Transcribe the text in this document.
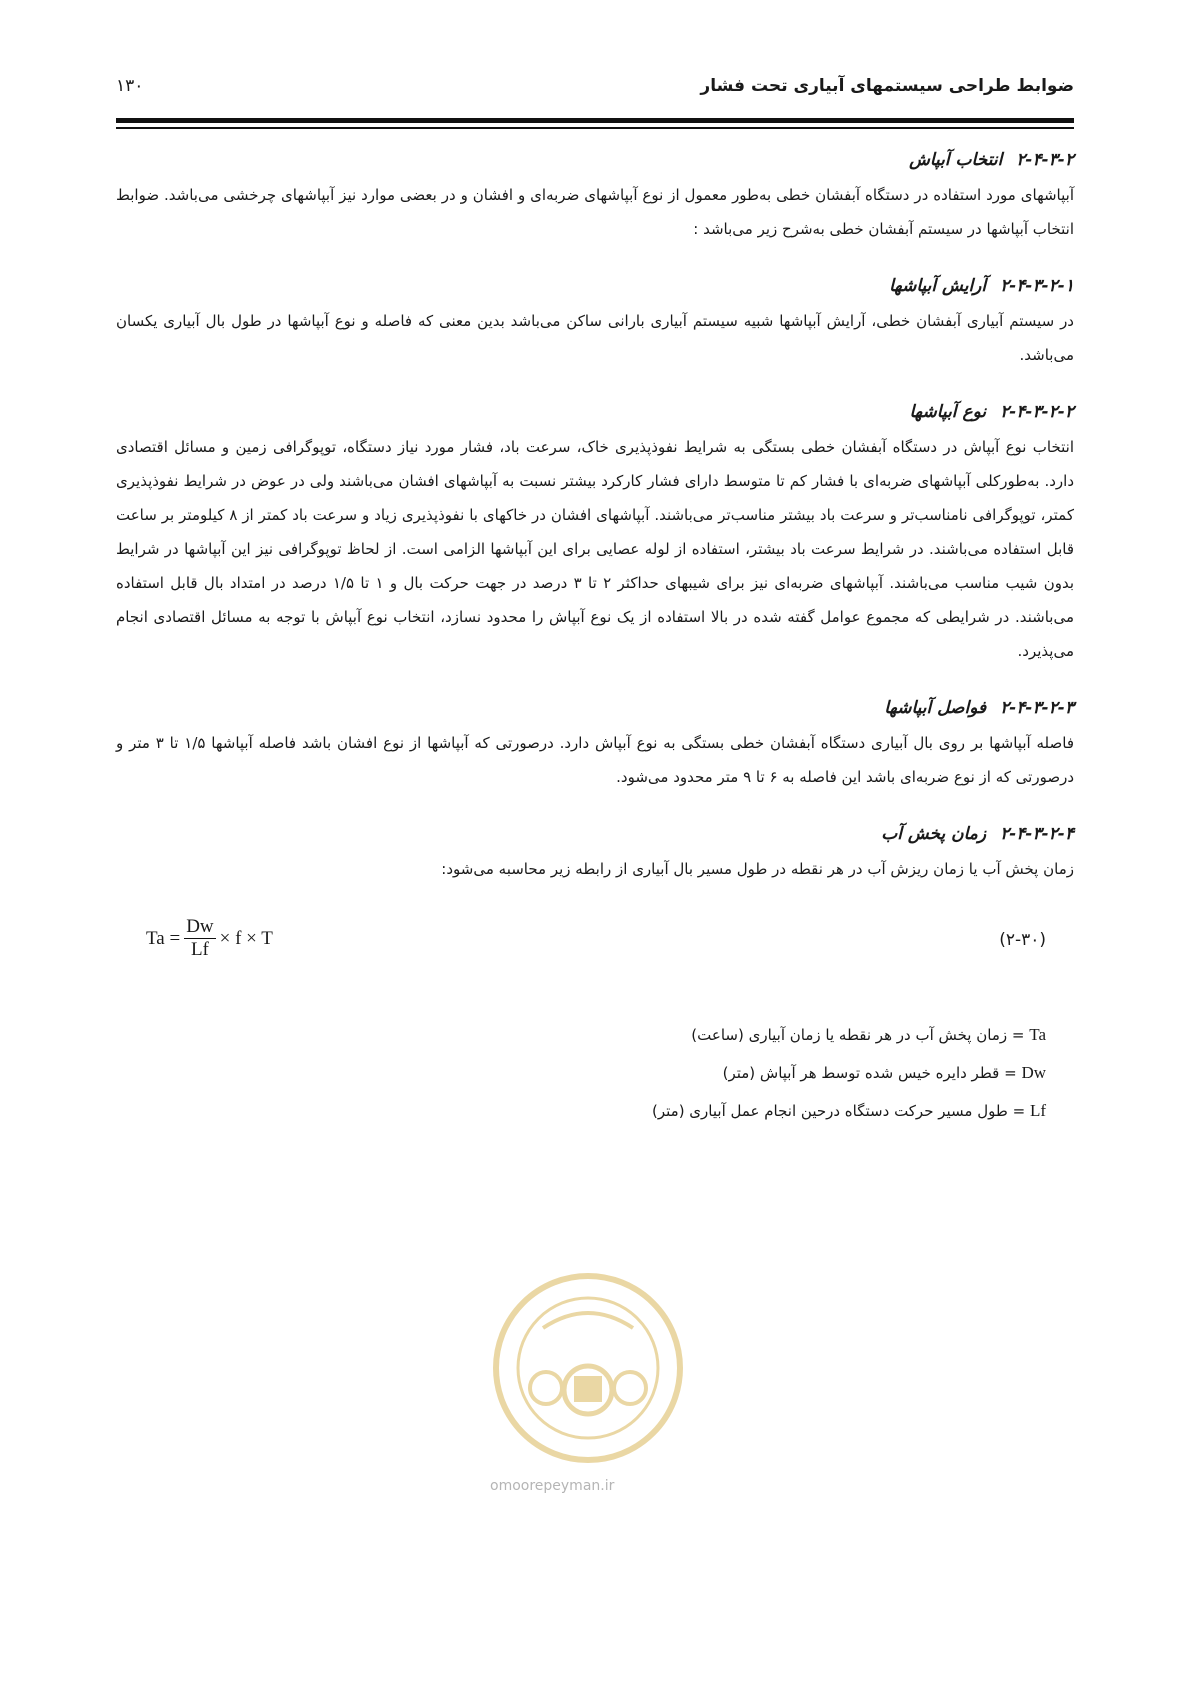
ضوابط طراحی سیستمهای آبیاری تحت فشار
۱۳۰
۲-۴-۳-۲انتخاب آبپاش

آبپاشهای مورد استفاده در دستگاه آبفشان خطی به‌طور معمول از نوع آبپاشهای ضربه‌ای و افشان و در بعضی موارد نیز آبپاشهای چرخشی می‌باشد. ضوابط انتخاب آبپاشها در سیستم آبفشان خطی به‌شرح زیر می‌باشد :

۲-۴-۳-۲-۱آرایش آبپاشها

در سیستم آبیاری آبفشان خطی، آرایش آبپاشها شبیه سیستم آبیاری بارانی ساکن می‌باشد بدین معنی که فاصله و نوع آبپاشها در طول بال آبیاری یکسان می‌باشد.

۲-۴-۳-۲-۲نوع آبپاشها

انتخاب نوع آبپاش در دستگاه آبفشان خطی بستگی به شرایط نفوذپذیری خاک، سرعت باد، فشار مورد نیاز دستگاه، توپوگرافی زمین و مسائل اقتصادی دارد. به‌طورکلی آبپاشهای ضربه‌ای با فشار کم تا متوسط دارای فشار کارکرد بیشتر نسبت به آبپاشهای افشان می‌باشند ولی در عوض در شرایط نفوذپذیری کمتر، توپوگرافی نامناسب‌تر و سرعت باد بیشتر مناسب‌تر می‌باشند. آبپاشهای افشان در خاکهای با نفوذپذیری زیاد و سرعت باد کمتر از ۸ کیلومتر بر ساعت قابل استفاده می‌باشند. در شرایط سرعت باد بیشتر، استفاده از لوله عصایی برای این آبپاشها الزامی است. از لحاظ توپوگرافی نیز این آبپاشها در شرایط بدون شیب مناسب می‌باشند. آبپاشهای ضربه‌ای نیز برای شیبهای حداکثر ۲ تا ۳ درصد در جهت حرکت بال و ۱ تا ۱/۵ درصد در امتداد بال قابل استفاده می‌باشند. در شرایطی که مجموع عوامل گفته شده در بالا استفاده از یک نوع آبپاش را محدود نسازد، انتخاب نوع آبپاش با توجه به مسائل اقتصادی انجام می‌پذیرد.

۲-۴-۳-۲-۳فواصل آبپاشها

فاصله آبپاشها بر روی بال آبیاری دستگاه آبفشان خطی بستگی به نوع آبپاش دارد. درصورتی که آبپاشها از نوع افشان باشد فاصله آبپاشها ۱/۵ تا ۳ متر و درصورتی که از نوع ضربه‌ای باشد این فاصله به ۶ تا ۹ متر محدود می‌شود.

۲-۴-۳-۲-۴زمان پخش آب

زمان پخش آب یا زمان ریزش آب در هر نقطه در طول مسیر بال آبیاری از رابطه زیر محاسبه می‌شود:

$Ta = \frac{Dw}{Lf} \times f \times T$	(۲-۳۰)
Ta = زمان پخش آب در هر نقطه یا زمان آبیاری (ساعت)
Dw = قطر دایره خیس شده توسط هر آبپاش (متر)
Lf = طول مسیر حرکت دستگاه درحین انجام عمل آبیاری (متر)
omoorepeyman.ir
